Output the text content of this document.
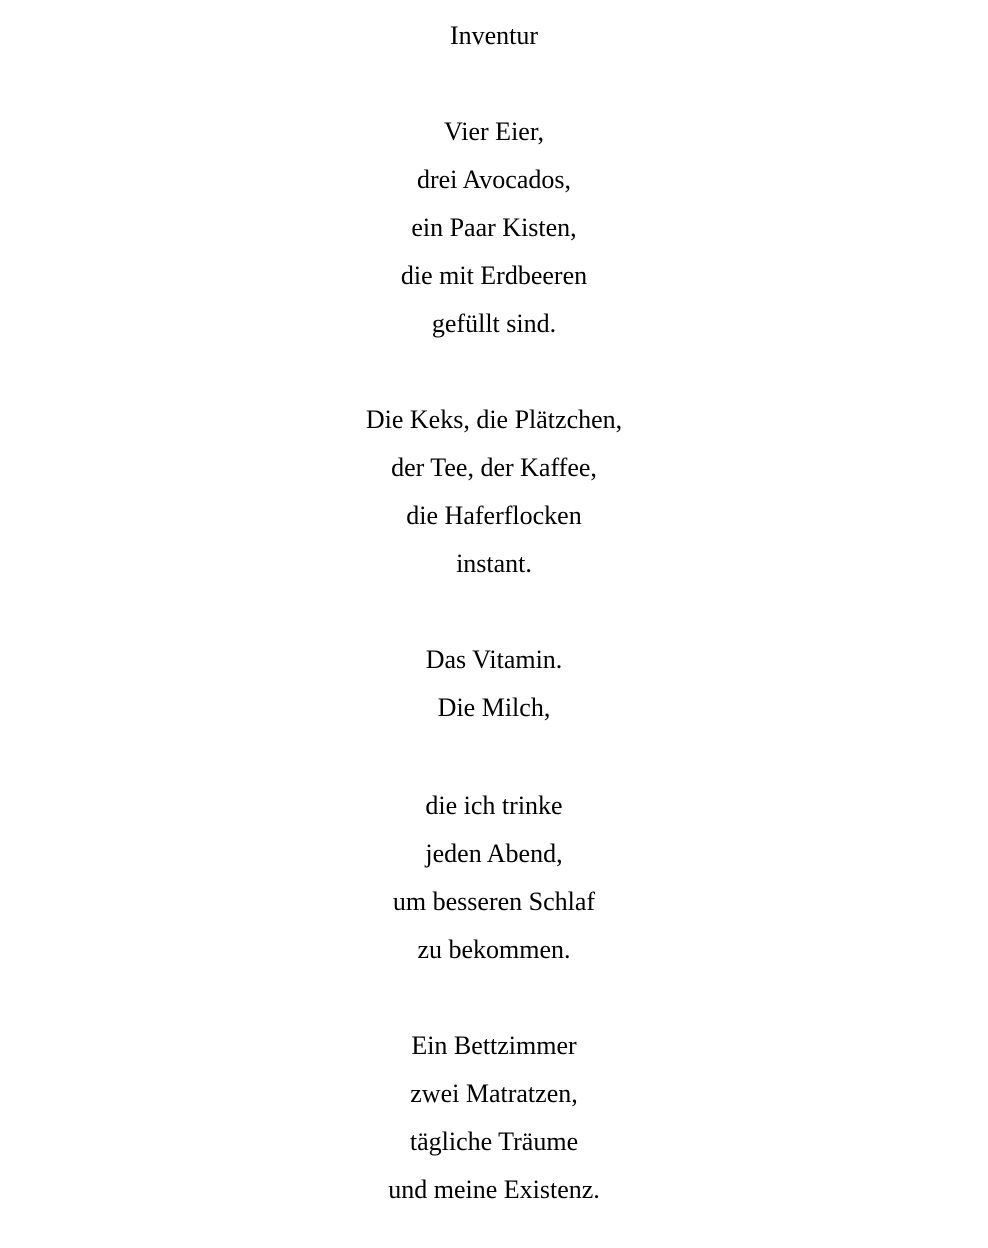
Inventur
Vier Eier,
drei Avocados,
ein Paar Kisten,
die mit Erdbeeren
gefüllt sind.
Die Keks, die Plätzchen,
der Tee, der Kaffee,
die Haferflocken
instant.
Das Vitamin.
Die Milch,
die ich trinke
jeden Abend,
um besseren Schlaf
zu bekommen.
Ein Bettzimmer
zwei Matratzen,
tägliche Träume
und meine Existenz.
